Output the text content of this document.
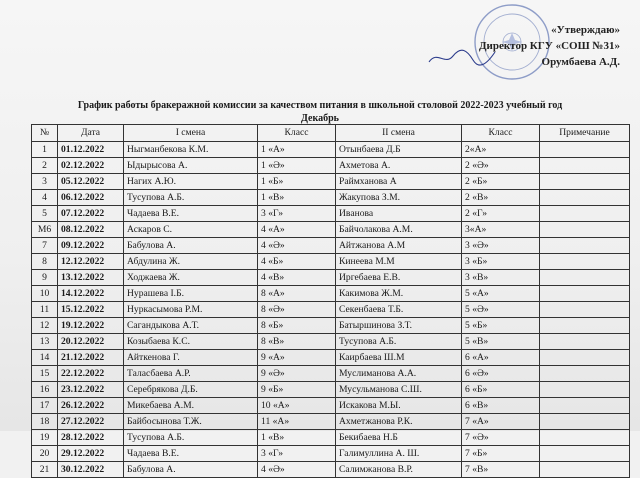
«Утверждаю»
Директор КГУ «СОШ №31»
Орумбаева А.Д.
График работы бракеражной комиссии за качеством питания в школьной столовой 2022-2023 учебный год
Декабрь
№	Дата	I смена	Класс	II смена	Класс	Примечание
1	01.12.2022	Ныгманбекова К.М.	1 «А»	Отынбаева Д.Б	2«А»	
2	02.12.2022	Ыдырысова А.	1 «Ә»	Ахметова А.	2 «Ә»	
3	05.12.2022	Нагих А.Ю.	1 «Б»	Раймханова А	2 «Б»	
4	06.12.2022	Тусупова А.Б.	1 «В»	Жакупова З.М.	2 «В»	
5	07.12.2022	Чадаева В.Е.	3 «Г»	Иванова	2 «Г»	
М6	08.12.2022	Аскаров С.	4 «А»	Байчолакова А.М.	3«А»	
7	09.12.2022	Бабулова А.	4 «Ә»	Айтжанова А.М	3 «Ә»	
8	12.12.2022	Абдулина Ж.	4 «Б»	Кинеева М.М	3 «Б»	
9	13.12.2022	Ходжаева Ж.	4 «В»	Иргебаева Е.В.	3 «В»	
10	14.12.2022	Нурашева І.Б.	8 «А»	Какимова Ж.М.	5 «А»	
11	15.12.2022	Нуркасымова Р.М.	8 «Ә»	Секенбаева Т.Б.	5 «Ә»	
12	19.12.2022	Сагандыкова А.Т.	8 «Б»	Батыршинова З.Т.	5 «Б»	
13	20.12.2022	Козыбаева К.С.	8 «В»	Тусупова А.Б.	5 «В»	
14	21.12.2022	Айткенова Г.	9 «А»	Каирбаева Ш.М	6 «А»	
15	22.12.2022	Таласбаева А.Р.	9 «Ә»	Муслиманова А.А.	6 «Ә»	
16	23.12.2022	Серебрякова Д.Б.	9 «Б»	Мусульманова С.Ш.	6 «Б»	
17	26.12.2022	Микебаева А.М.	10 «А»	Искакова М.Ы.	6 «В»	
18	27.12.2022	Байбосынова Т.Ж.	11 «А»	Ахметжанова Р.К.	7 «А»	
19	28.12.2022	Тусупова А.Б.	1 «В»	Бекибаева Н.Б	7 «Ә»	
20	29.12.2022	Чадаева В.Е.	3 «Г»	Галимуллина А. Ш.	7 «Б»	
21	30.12.2022	Бабулова А.	4 «Ә»	Салимжанова В.Р.	7 «В»	
